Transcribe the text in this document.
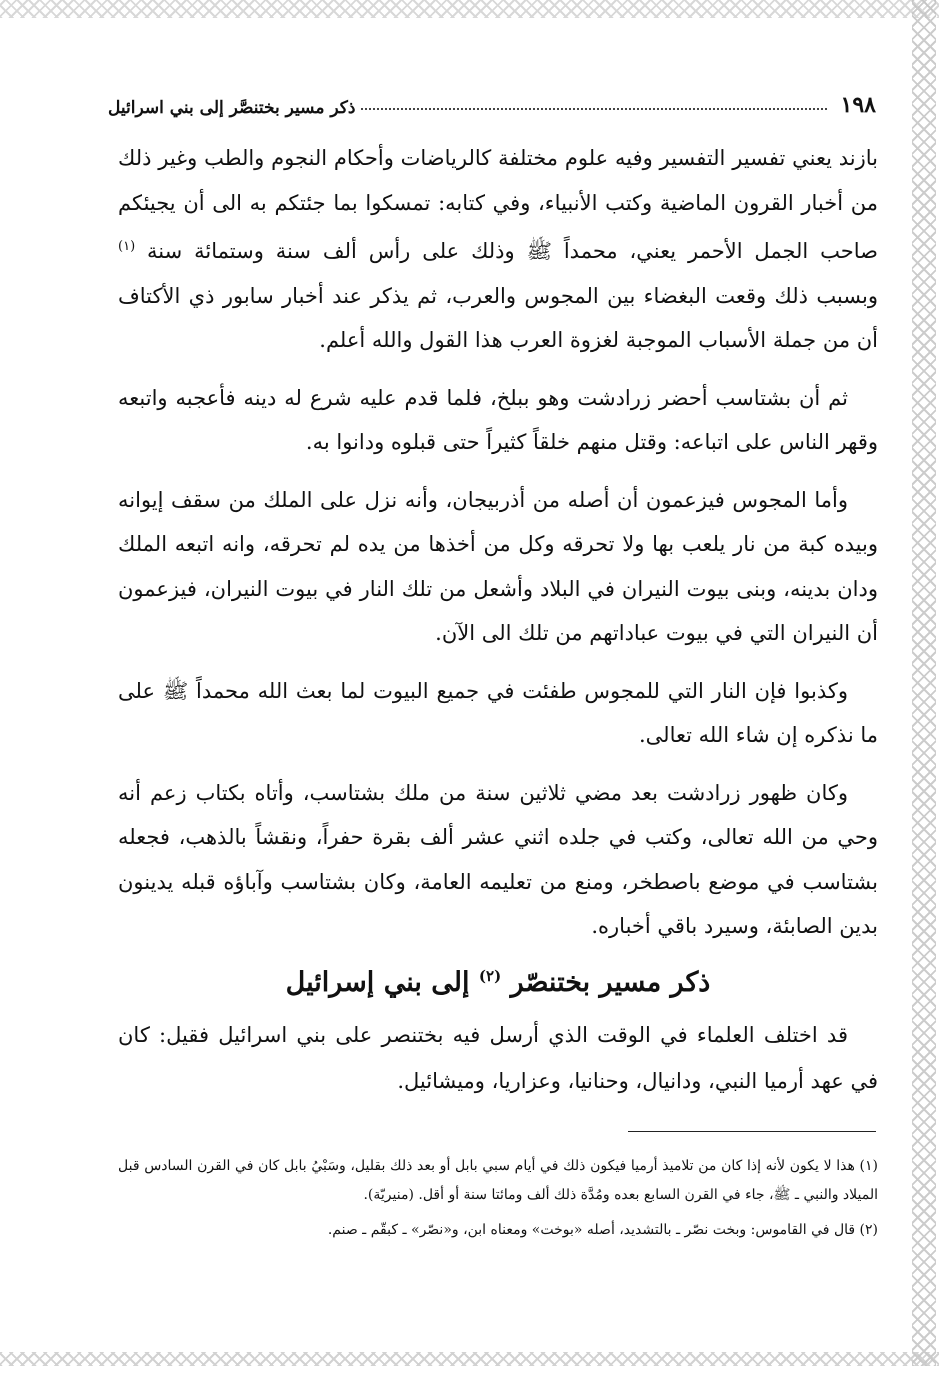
١٩٨
ذكر مسير بختنصَّر إلى بني اسرائيل

بازند يعني تفسير التفسير وفيه علوم مختلفة كالرياضات وأحكام النجوم والطب وغير ذلك من أخبار القرون الماضية وكتب الأنبياء، وفي كتابه: تمسكوا بما جئتكم به الى أن يجيئكم صاحب الجمل الأحمر يعني، محمداً ﷺ وذلك على رأس ألف سنة وستمائة سنة $^{(١)}$ وبسبب ذلك وقعت البغضاء بين المجوس والعرب، ثم يذكر عند أخبار سابور ذي الأكتاف أن من جملة الأسباب الموجبة لغزوة العرب هذا القول والله أعلم.

ثم أن بشتاسب أحضر زرادشت وهو ببلخ، فلما قدم عليه شرع له دينه فأعجبه واتبعه وقهر الناس على اتباعه: وقتل منهم خلقاً كثيراً حتى قبلوه ودانوا به.

وأما المجوس فيزعمون أن أصله من أذربيجان، وأنه نزل على الملك من سقف إيوانه وبيده كبة من نار يلعب بها ولا تحرقه وكل من أخذها من يده لم تحرقه، وانه اتبعه الملك ودان بدينه، وبنى بيوت النيران في البلاد وأشعل من تلك النار في بيوت النيران، فيزعمون أن النيران التي في بيوت عباداتهم من تلك الى الآن.

وكذبوا فإن النار التي للمجوس طفئت في جميع البيوت لما بعث الله محمداً ﷺ على ما نذكره إن شاء الله تعالى.

وكان ظهور زرادشت بعد مضي ثلاثين سنة من ملك بشتاسب، وأتاه بكتاب زعم أنه وحي من الله تعالى، وكتب في جلده اثني عشر ألف بقرة حفراً، ونقشاً بالذهب، فجعله بشتاسب في موضع باصطخر، ومنع من تعليمه العامة، وكان بشتاسب وآباؤه قبله يدينون بدين الصابئة، وسيرد باقي أخباره.

ذكر مسير بختنصّر $^{(٢)}$ إلى بني إسرائيل

قد اختلف العلماء في الوقت الذي أرسل فيه بختنصر على بني اسرائيل فقيل: كان في عهد أرميا النبي، ودانيال، وحنانيا، وعزاريا، وميشائيل.

(١) هذا لا يكون لأنه إذا كان من تلاميذ أرميا فيكون ذلك في أيام سبي بابل أو بعد ذلك بقليل، وسَبْيُ بابل كان في القرن السادس قبل الميلاد والنبي ـ ﷺ، جاء في القرن السابع بعده ومُدَّة ذلك ألف ومائتا سنة أو أقل. (منيريّة).

(٢) قال في القاموس: وبخت نصّر ـ بالتشديد، أصله «بوخت» ومعناه ابن، و«نصّر» ـ كبقّم ـ صنم.
